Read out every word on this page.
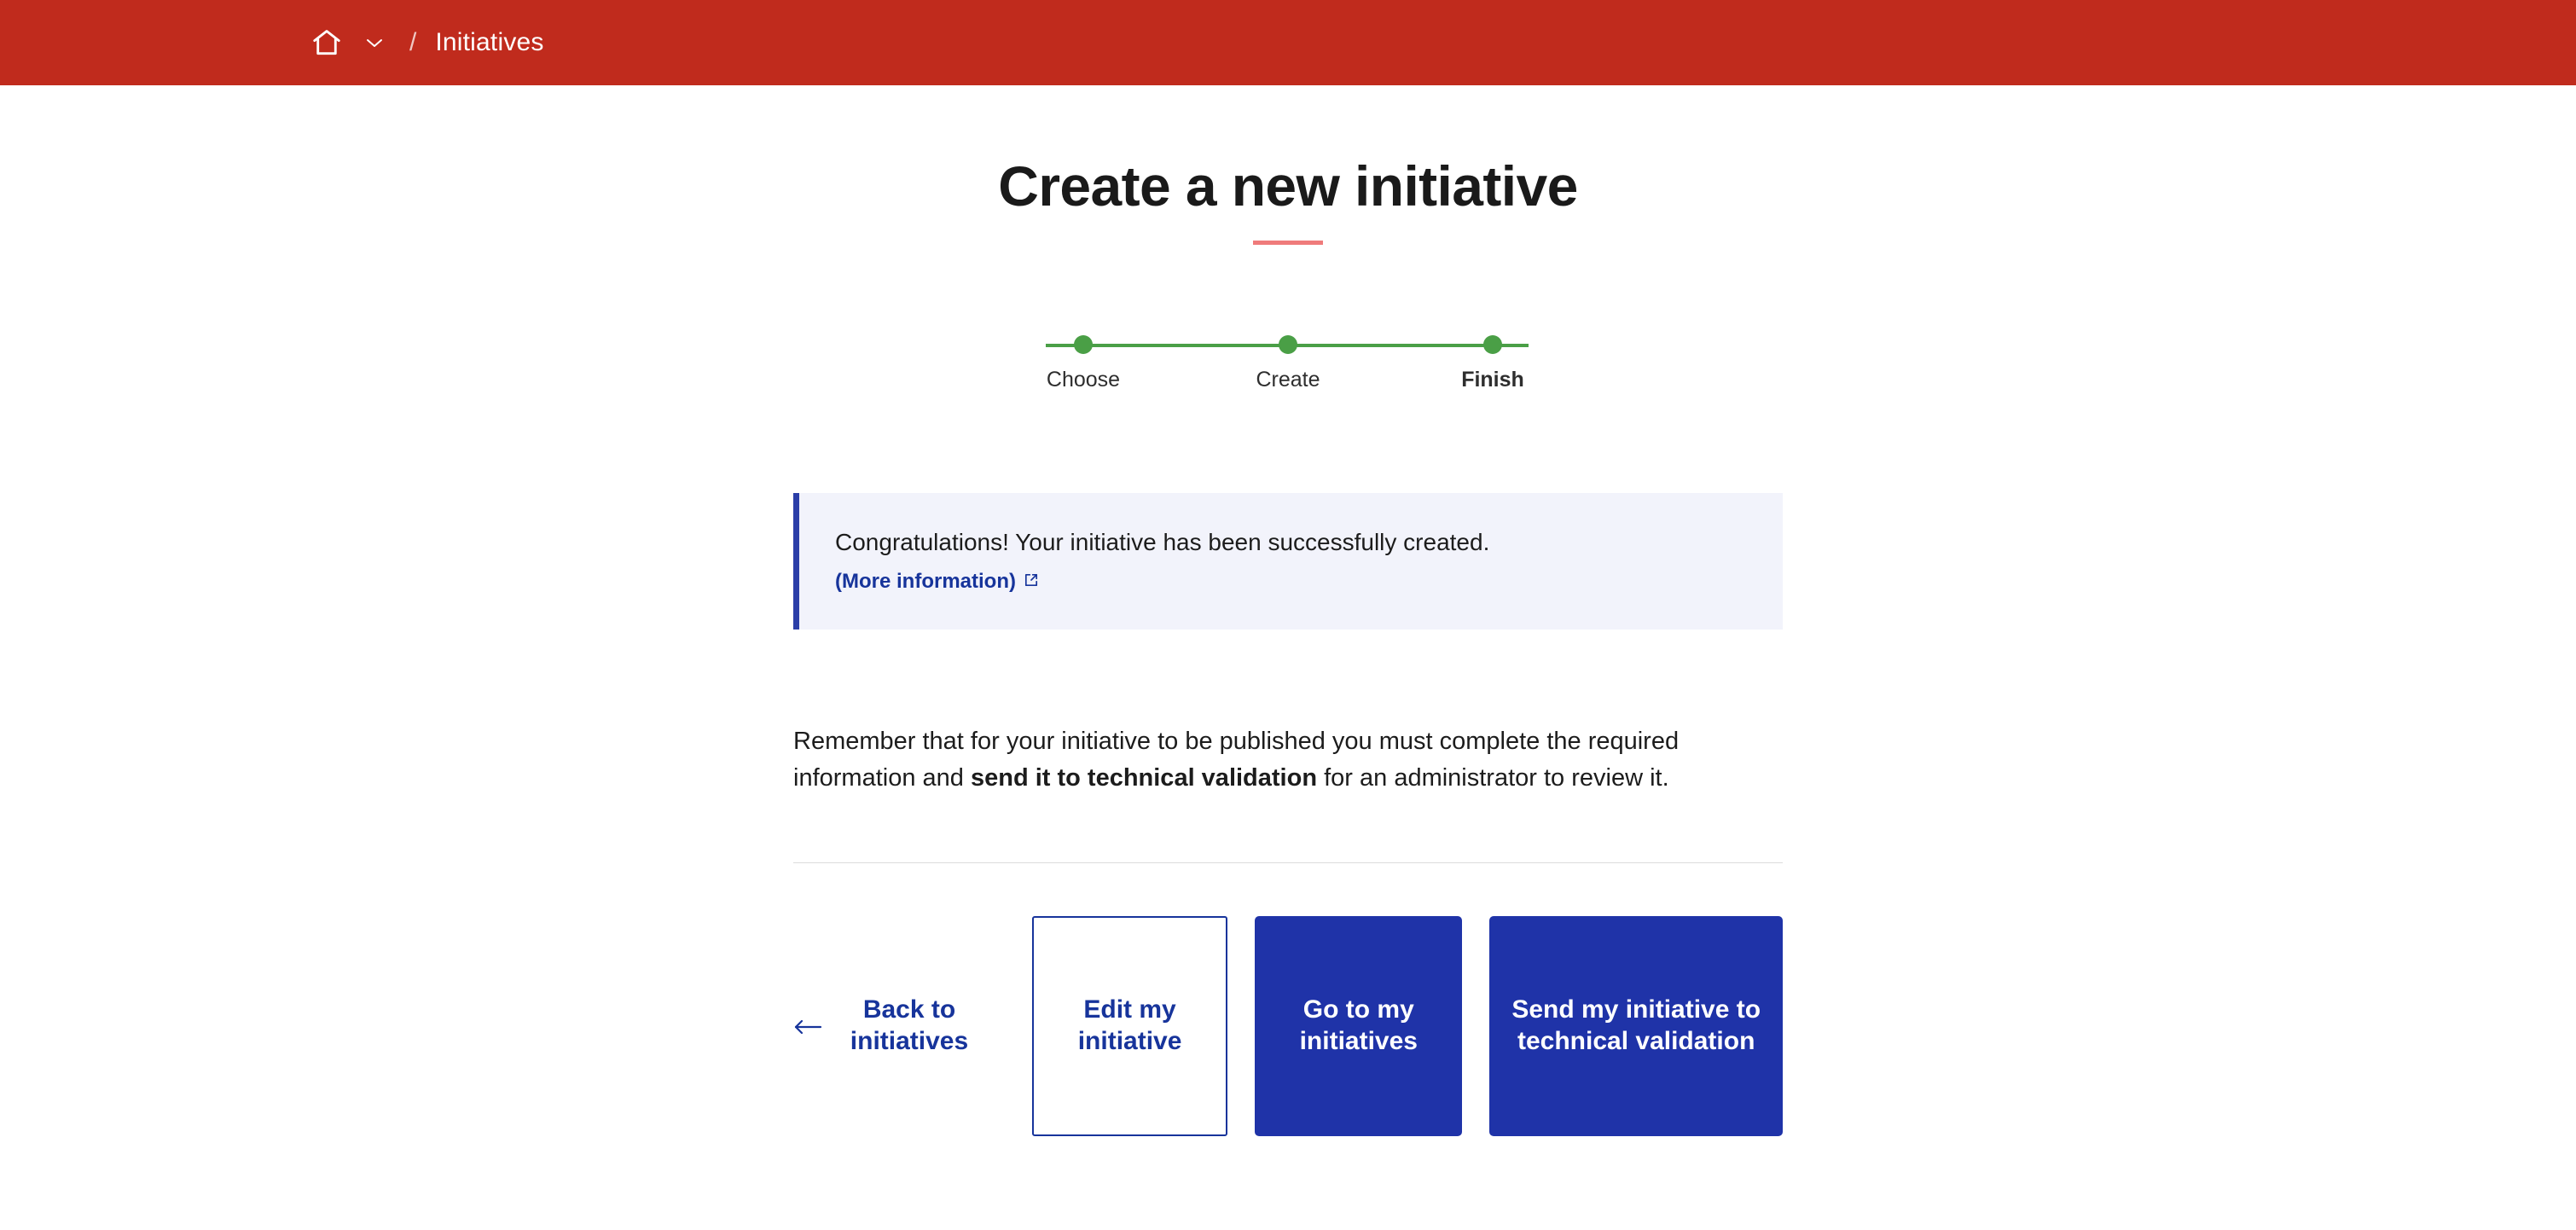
/ Initiatives
Create a new initiative
Choose	Create	Finish
Congratulations! Your initiative has been successfully created.
(More information)

Remember that for your initiative to be published you must complete the required information and send it to technical validation for an administrator to review it.

Back to initiatives
Edit my initiative
Go to my initiatives
Send my initiative to technical validation
